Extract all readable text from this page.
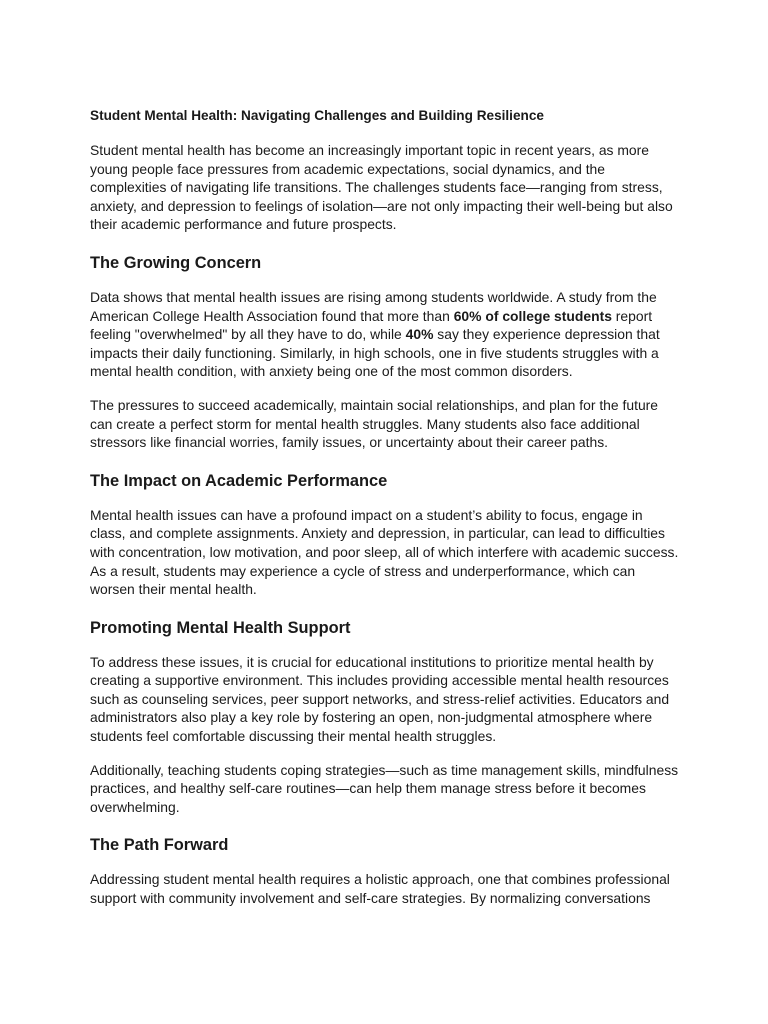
Student Mental Health: Navigating Challenges and Building Resilience

Student mental health has become an increasingly important topic in recent years, as more young people face pressures from academic expectations, social dynamics, and the complexities of navigating life transitions. The challenges students face—ranging from stress, anxiety, and depression to feelings of isolation—are not only impacting their well-being but also their academic performance and future prospects.

The Growing Concern

Data shows that mental health issues are rising among students worldwide. A study from the American College Health Association found that more than 60% of college students report feeling "overwhelmed" by all they have to do, while 40% say they experience depression that impacts their daily functioning. Similarly, in high schools, one in five students struggles with a mental health condition, with anxiety being one of the most common disorders.

The pressures to succeed academically, maintain social relationships, and plan for the future can create a perfect storm for mental health struggles. Many students also face additional stressors like financial worries, family issues, or uncertainty about their career paths.

The Impact on Academic Performance

Mental health issues can have a profound impact on a student’s ability to focus, engage in class, and complete assignments. Anxiety and depression, in particular, can lead to difficulties with concentration, low motivation, and poor sleep, all of which interfere with academic success. As a result, students may experience a cycle of stress and underperformance, which can worsen their mental health.

Promoting Mental Health Support

To address these issues, it is crucial for educational institutions to prioritize mental health by creating a supportive environment. This includes providing accessible mental health resources such as counseling services, peer support networks, and stress-relief activities. Educators and administrators also play a key role by fostering an open, non-judgmental atmosphere where students feel comfortable discussing their mental health struggles.

Additionally, teaching students coping strategies—such as time management skills, mindfulness practices, and healthy self-care routines—can help them manage stress before it becomes overwhelming.

The Path Forward

Addressing student mental health requires a holistic approach, one that combines professional support with community involvement and self-care strategies. By normalizing conversations
